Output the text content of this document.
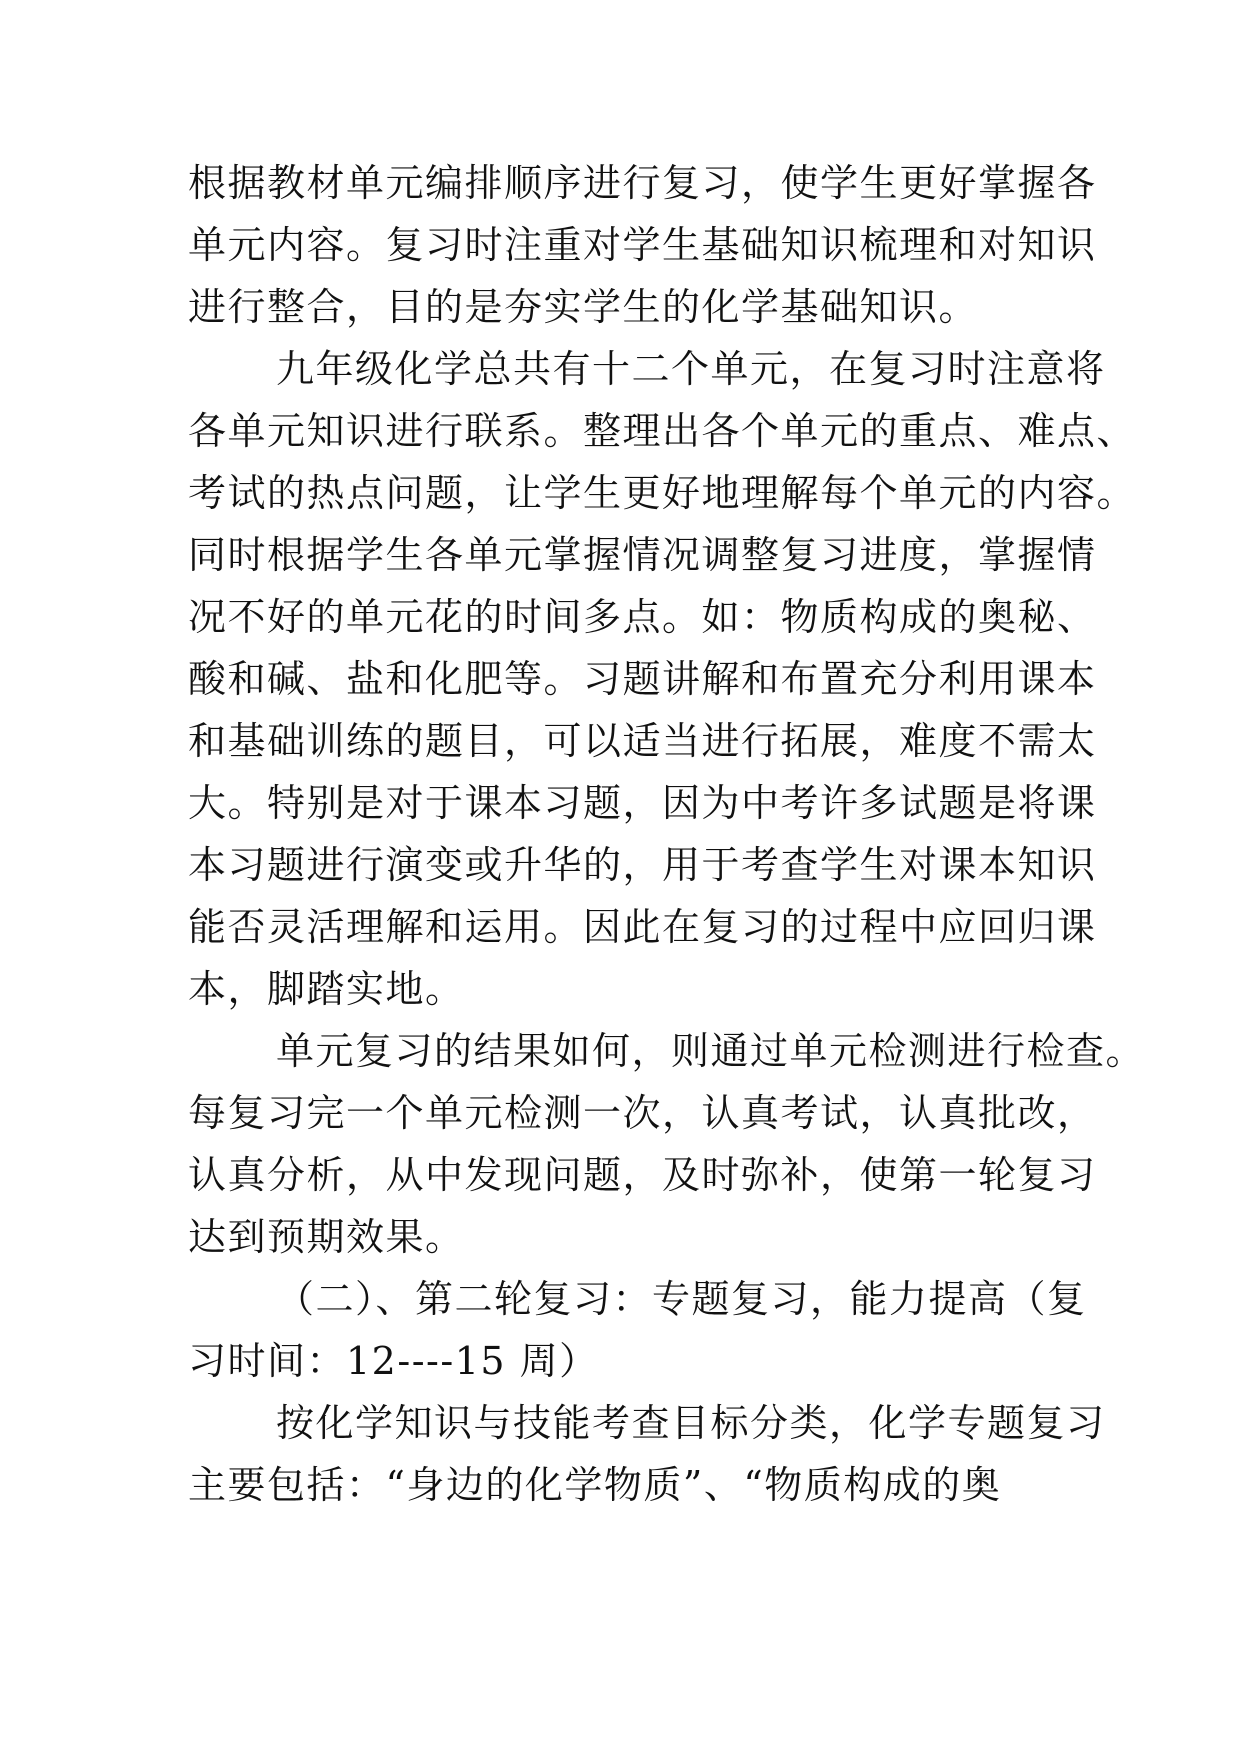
根据教材单元编排顺序进行复习，使学生更好掌握各
单元内容。复习时注重对学生基础知识梳理和对知识
进行整合，目的是夯实学生的化学基础知识。
九年级化学总共有十二个单元，在复习时注意将
各单元知识进行联系。整理出各个单元的重点、难点、
考试的热点问题，让学生更好地理解每个单元的内容。
同时根据学生各单元掌握情况调整复习进度，掌握情
况不好的单元花的时间多点。如：物质构成的奥秘、
酸和碱、盐和化肥等。习题讲解和布置充分利用课本
和基础训练的题目，可以适当进行拓展，难度不需太
大。特别是对于课本习题，因为中考许多试题是将课
本习题进行演变或升华的，用于考查学生对课本知识
能否灵活理解和运用。因此在复习的过程中应回归课
本，脚踏实地。
单元复习的结果如何，则通过单元检测进行检查。
每复习完一个单元检测一次，认真考试，认真批改，
认真分析，从中发现问题，及时弥补，使第一轮复习
达到预期效果。
（二）、第二轮复习：专题复习，能力提高（复
习时间：12----15 周）
按化学知识与技能考查目标分类，化学专题复习
主要包括：“身边的化学物质”、“物质构成的奥
